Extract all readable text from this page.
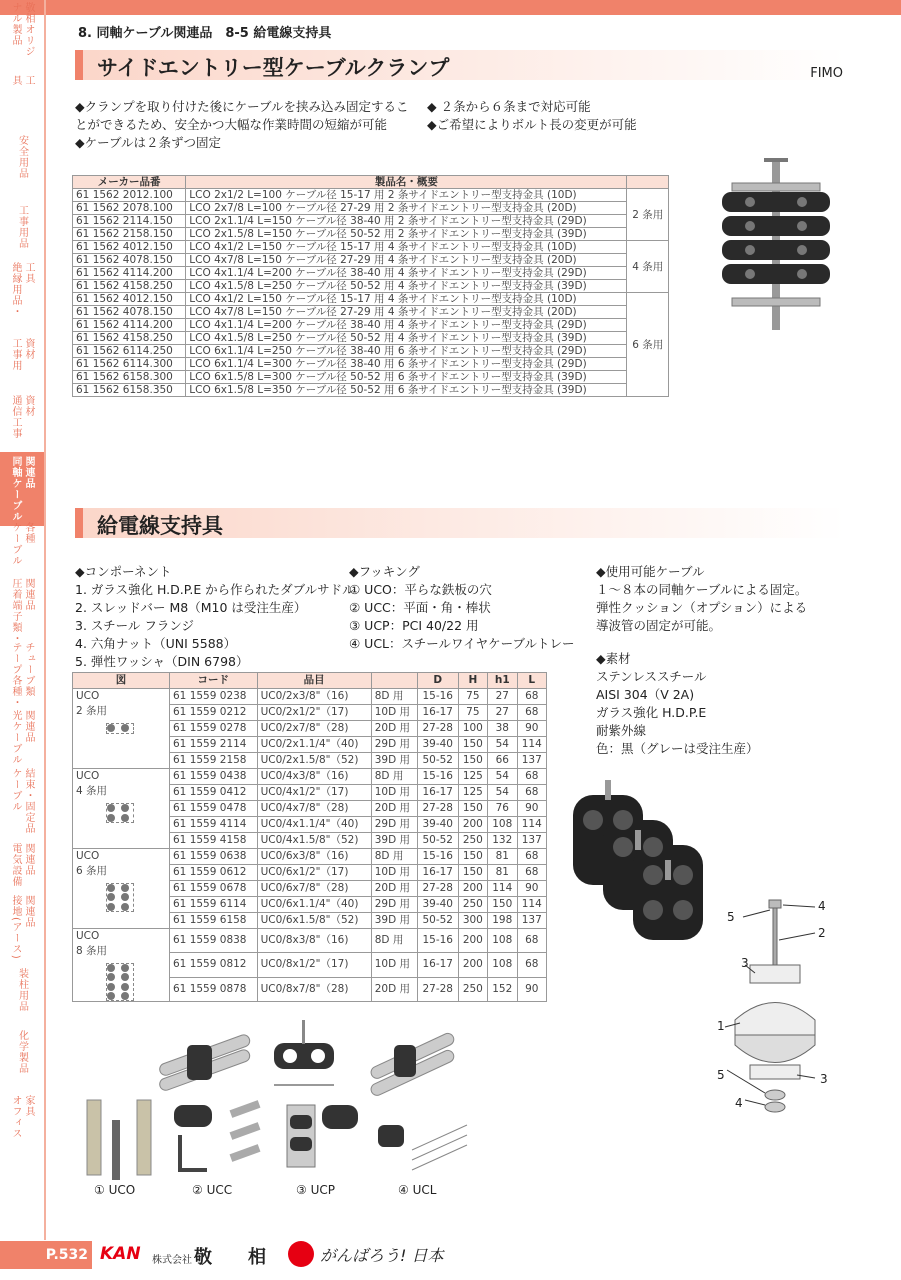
ナル製品 敬相オリジ
具 工
安全用品
工事用品
絶縁用品・ 工具
工事用 資材
通信工事 資材
同軸ケーブル 関連品
ケーブル 各種
圧着端子類・ 関連品
テープ各種・ チューブ類
光ケーブル 関連品
ケーブル 結束・固定品
電気設備 関連品
接地(アース) 関連品
装柱用品
化学製品
オフィス 家具
8. 同軸ケーブル関連品　8-5 給電線支持具
サイドエントリー型ケーブルクランプ	FIMO
◆クランプを取り付けた後にケーブルを挟み込み固定するこ
とができるため、安全かつ大幅な作業時間の短縮が可能
◆ケーブルは２条ずつ固定
◆ ２条から６条まで対応可能
◆ご希望によりボルト長の変更が可能
メーカー品番	製品名・概要	
61 1562 2012.100	LCO 2x1/2 L=100 ケーブル径 15-17 用 2 条サイドエントリー型支持金具 (10D)	2 条用
61 1562 2078.100	LCO 2x7/8 L=100 ケーブル径 27-29 用 2 条サイドエントリー型支持金具 (20D)	
61 1562 2114.150	LCO 2x1.1/4 L=150 ケーブル径 38-40 用 2 条サイドエントリー型支持金具 (29D)	
61 1562 2158.150	LCO 2x1.5/8 L=150 ケーブル径 50-52 用 2 条サイドエントリー型支持金具 (39D)	
61 1562 4012.150	LCO 4x1/2 L=150 ケーブル径 15-17 用 4 条サイドエントリー型支持金具 (10D)	4 条用
61 1562 4078.150	LCO 4x7/8 L=150 ケーブル径 27-29 用 4 条サイドエントリー型支持金具 (20D)	
61 1562 4114.200	LCO 4x1.1/4 L=200 ケーブル径 38-40 用 4 条サイドエントリー型支持金具 (29D)	
61 1562 4158.250	LCO 4x1.5/8 L=250 ケーブル径 50-52 用 4 条サイドエントリー型支持金具 (39D)	
61 1562 4012.150	LCO 4x1/2 L=150 ケーブル径 15-17 用 4 条サイドエントリー型支持金具 (10D)	6 条用
61 1562 4078.150	LCO 4x7/8 L=150 ケーブル径 27-29 用 4 条サイドエントリー型支持金具 (20D)	
61 1562 4114.200	LCO 4x1.1/4 L=200 ケーブル径 38-40 用 4 条サイドエントリー型支持金具 (29D)	
61 1562 4158.250	LCO 4x1.5/8 L=250 ケーブル径 50-52 用 4 条サイドエントリー型支持金具 (39D)	
61 1562 6114.250	LCO 6x1.1/4 L=250 ケーブル径 38-40 用 6 条サイドエントリー型支持金具 (29D)	
61 1562 6114.300	LCO 6x1.1/4 L=300 ケーブル径 38-40 用 6 条サイドエントリー型支持金具 (29D)	
61 1562 6158.300	LCO 6x1.5/8 L=300 ケーブル径 50-52 用 6 条サイドエントリー型支持金具 (39D)	
61 1562 6158.350	LCO 6x1.5/8 L=350 ケーブル径 50-52 用 6 条サイドエントリー型支持金具 (39D)	
給電線支持具
◆コンポーネント
1. ガラス強化 H.D.P.E から作られたダブルサドル
2. スレッドバー M8（M10 は受注生産）
3. スチール フランジ
4. 六角ナット（UNI 5588）
5. 弾性ワッシャ（DIN 6798）
◆フッキング
① UCO：平らな鉄板の穴
② UCC：平面・角・棒状
③ UCP：PCI 40/22 用
④ UCL：スチールワイヤケーブルトレー
◆使用可能ケーブル
１～８本の同軸ケーブルによる固定。
弾性クッション（オプション）による
導波管の固定が可能。
◆素材
ステンレススチール
AISI 304（V 2A)
ガラス強化 H.D.P.E
耐紫外線
色：黒（グレーは受注生産）
図	コード	品目		D	H	h1	L

UCO
2 条用	61 1559 0238	UC0/2x3/8"（16)	8D 用	15-16	75	27	68
	61 1559 0212	UC0/2x1/2"（17)	10D 用	16-17	75	27	68
	61 1559 0278	UC0/2x7/8"（28)	20D 用	27-28	100	38	90
	61 1559 2114	UC0/2x1.1/4"（40)	29D 用	39-40	150	54	114
	61 1559 2158	UC0/2x1.5/8"（52)	39D 用	50-52	150	66	137

UCO
4 条用	61 1559 0438	UC0/4x3/8"（16)	8D 用	15-16	125	54	68
	61 1559 0412	UC0/4x1/2"（17)	10D 用	16-17	125	54	68
	61 1559 0478	UC0/4x7/8"（28)	20D 用	27-28	150	76	90
	61 1559 4114	UC0/4x1.1/4"（40)	29D 用	39-40	200	108	114
	61 1559 4158	UC0/4x1.5/8"（52)	39D 用	50-52	250	132	137

UCO
6 条用	61 1559 0638	UC0/6x3/8"（16)	8D 用	15-16	150	81	68
	61 1559 0612	UC0/6x1/2"（17)	10D 用	16-17	150	81	68
	61 1559 0678	UC0/6x7/8"（28)	20D 用	27-28	200	114	90
	61 1559 6114	UC0/6x1.1/4"（40)	29D 用	39-40	250	150	114
	61 1559 6158	UC0/6x1.5/8"（52)	39D 用	50-52	300	198	137

UCO
8 条用	61 1559 0838	UC0/8x3/8"（16)	8D 用	15-16	200	108	68
	61 1559 0812	UC0/8x1/2"（17)	10D 用	16-17	200	108	68
	61 1559 0878	UC0/8x7/8"（28)	20D 用	27-28	250	152	90
5
4
2
3
1
5	3
4
① UCO	② UCC	③ UCP	④ UCL
P.532 KAN 株式会社 敬　　相	がんばろう! 日本
